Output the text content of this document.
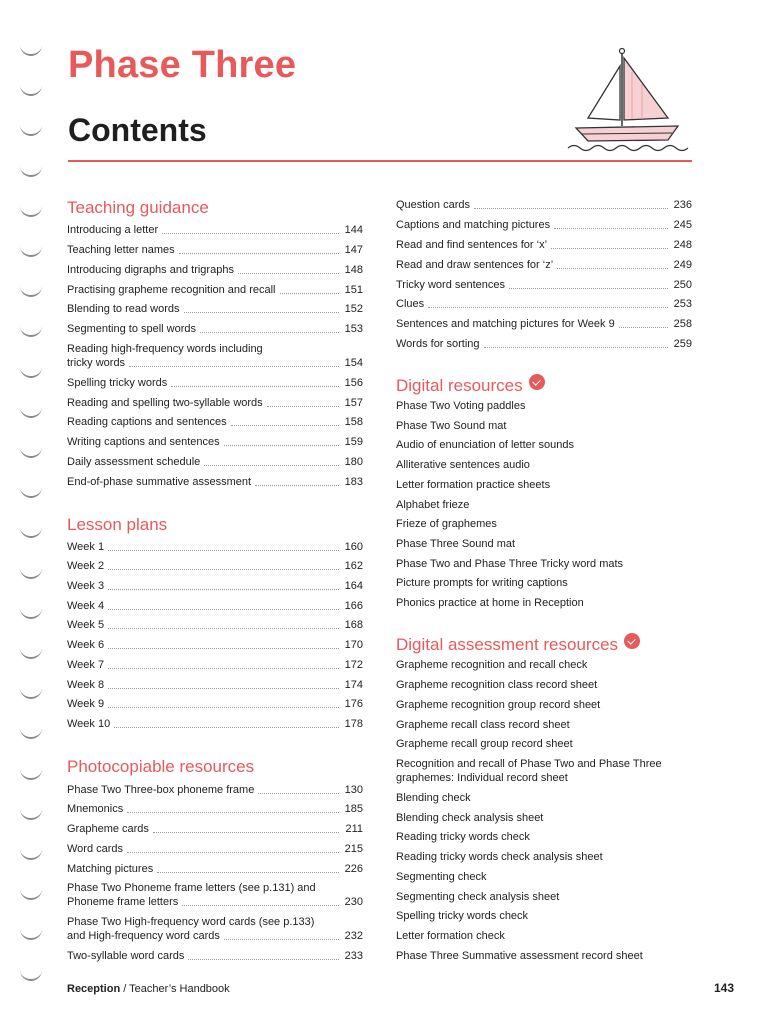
Phase Three
Contents
Teaching guidance
Introducing a letter	144
Teaching letter names	147
Introducing digraphs and trigraphs	148
Practising grapheme recognition and recall	151
Blending to read words	152
Segmenting to spell words	153
Reading high-frequency words including
tricky words	154
Spelling tricky words	156
Reading and spelling two-syllable words	157
Reading captions and sentences	158
Writing captions and sentences	159
Daily assessment schedule	180
End-of-phase summative assessment	183
Lesson plans
Week 1	160
Week 2	162
Week 3	164
Week 4	166
Week 5	168
Week 6	170
Week 7	172
Week 8	174
Week 9	176
Week 10	178
Photocopiable resources
Phase Two Three-box phoneme frame	130
Mnemonics	185
Grapheme cards	211
Word cards	215
Matching pictures	226
Phase Two Phoneme frame letters (see p.131) and
Phoneme frame letters	230
Phase Two High-frequency word cards (see p.133)
and High-frequency word cards	232
Two-syllable word cards	233
Question cards	236
Captions and matching pictures	245
Read and find sentences for ‘x’	248
Read and draw sentences for ‘z’	249
Tricky word sentences	250
Clues	253
Sentences and matching pictures for Week 9	258
Words for sorting	259
Digital resources
Phase Two Voting paddles
Phase Two Sound mat
Audio of enunciation of letter sounds
Alliterative sentences audio
Letter formation practice sheets
Alphabet frieze
Frieze of graphemes
Phase Three Sound mat
Phase Two and Phase Three Tricky word mats
Picture prompts for writing captions
Phonics practice at home in Reception
Digital assessment resources
Grapheme recognition and recall check
Grapheme recognition class record sheet
Grapheme recognition group record sheet
Grapheme recall class record sheet
Grapheme recall group record sheet
Recognition and recall of Phase Two and Phase Three
graphemes: Individual record sheet
Blending check
Blending check analysis sheet
Reading tricky words check
Reading tricky words check analysis sheet
Segmenting check
Segmenting check analysis sheet
Spelling tricky words check
Letter formation check
Phase Three Summative assessment record sheet
Reception / Teacher’s Handbook	143
